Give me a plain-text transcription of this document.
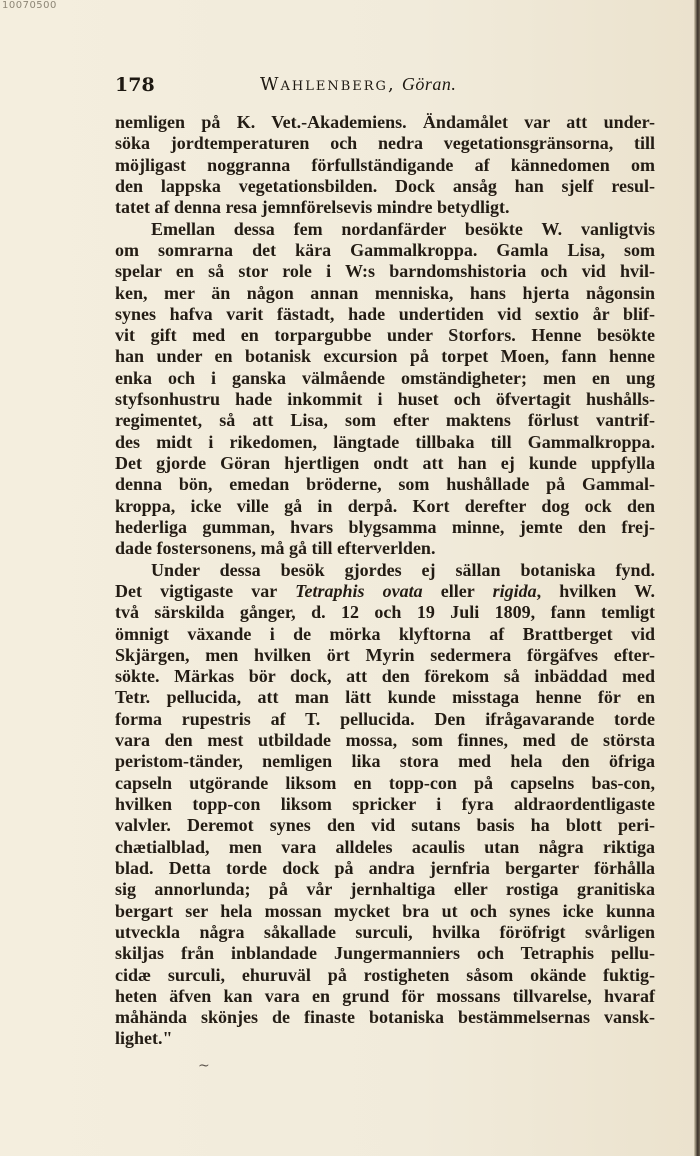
10070500
178	Wahlenberg, Göran.
nemligen på K. Vet.-Akademiens. Ändamålet var att under-
söka jordtemperaturen och nedra vegetationsgränsorna, till
möjligast noggranna förfullständigande af kännedomen om
den lappska vegetationsbilden. Dock ansåg han sjelf resul-
tatet af denna resa jemnförelsevis mindre betydligt.
Emellan dessa fem nordanfärder besökte W. vanligtvis
om somrarna det kära Gammalkroppa. Gamla Lisa, som
spelar en så stor role i W:s barndomshistoria och vid hvil-
ken, mer än någon annan menniska, hans hjerta någonsin
synes hafva varit fästadt, hade undertiden vid sextio år blif-
vit gift med en torpargubbe under Storfors. Henne besökte
han under en botanisk excursion på torpet Moen, fann henne
enka och i ganska välmående omständigheter; men en ung
styfsonhustru hade inkommit i huset och öfvertagit hushålls-
regimentet, så att Lisa, som efter maktens förlust vantrif-
des midt i rikedomen, längtade tillbaka till Gammalkroppa.
Det gjorde Göran hjertligen ondt att han ej kunde uppfylla
denna bön, emedan bröderne, som hushållade på Gammal-
kroppa, icke ville gå in derpå. Kort derefter dog ock den
hederliga gumman, hvars blygsamma minne, jemte den frej-
dade fostersonens, må gå till efterverlden.
Under dessa besök gjordes ej sällan botaniska fynd.
Det vigtigaste var Tetraphis ovata eller rigida, hvilken W.
två särskilda gånger, d. 12 och 19 Juli 1809, fann temligt
ömnigt växande i de mörka klyftorna af Brattberget vid
Skjärgen, men hvilken ört Myrin sedermera förgäfves efter-
sökte. Märkas bör dock, att den förekom så inbäddad med
Tetr. pellucida, att man lätt kunde misstaga henne för en
forma rupestris af T. pellucida. Den ifrågavarande torde
vara den mest utbildade mossa, som finnes, med de största
peristom-tänder, nemligen lika stora med hela den öfriga
capseln utgörande liksom en topp-con på capselns bas-con,
hvilken topp-con liksom spricker i fyra aldraordentligaste
valvler. Deremot synes den vid sutans basis ha blott peri-
chætialblad, men vara alldeles acaulis utan några riktiga
blad. Detta torde dock på andra jernfria bergarter förhålla
sig annorlunda; på vår jernhaltiga eller rostiga granitiska
bergart ser hela mossan mycket bra ut och synes icke kunna
utveckla några såkallade surculi, hvilka föröfrigt svårligen
skiljas från inblandade Jungermanniers och Tetraphis pellu-
cidæ surculi, ehuruväl på rostigheten såsom okände fuktig-
heten äfven kan vara en grund för mossans tillvarelse, hvaraf
måhända skönjes de finaste botaniska bestämmelsernas vansk-
lighet."
~
